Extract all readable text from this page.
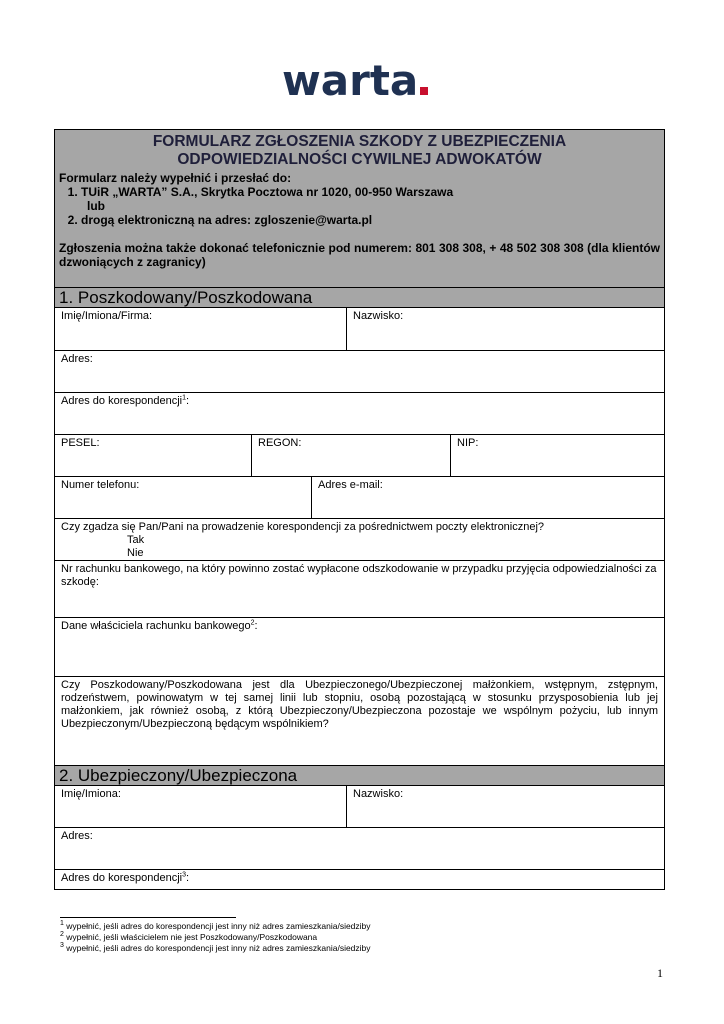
warta
FORMULARZ ZGŁOSZENIA SZKODY Z UBEZPIECZENIA
ODPOWIEDZIALNOŚCI CYWILNEJ ADWOKATÓW
Formularz należy wypełnić i przesłać do:
1. TUiR „WARTA” S.A., Skrytka Pocztowa nr 1020, 00-950 Warszawa
lub
2. drogą elektroniczną na adres: zgloszenie@warta.pl
Zgłoszenia można także dokonać telefonicznie pod numerem: 801 308 308, + 48 502 308 308 (dla klientów dzwoniących z zagranicy)
1. Poszkodowany/Poszkodowana
Imię/Imiona/Firma:	Nazwisko:
Adres:
Adres do korespondencji$^1$:
PESEL:	REGON:	NIP:
Numer telefonu:	Adres e-mail:
Czy zgadza się Pan/Pani na prowadzenie korespondencji za pośrednictwem poczty elektronicznej?
Tak
Nie
Nr rachunku bankowego, na który powinno zostać wypłacone odszkodowanie w przypadku przyjęcia odpowiedzialności za szkodę:
Dane właściciela rachunku bankowego$^2$:
Czy Poszkodowany/Poszkodowana jest dla Ubezpieczonego/Ubezpieczonej małżonkiem, wstępnym, zstępnym, rodzeństwem, powinowatym w tej samej linii lub stopniu, osobą pozostającą w stosunku przysposobienia lub jej małżonkiem, jak również osobą, z którą Ubezpieczony/Ubezpieczona pozostaje we wspólnym pożyciu, lub innym Ubezpieczonym/Ubezpieczoną będącym wspólnikiem?
2. Ubezpieczony/Ubezpieczona
Imię/Imiona:	Nazwisko:
Adres:
Adres do korespondencji$^3$:
$^1$ wypełnić, jeśli adres do korespondencji jest inny niż adres zamieszkania/siedziby
$^2$ wypełnić, jeśli właścicielem nie jest Poszkodowany/Poszkodowana
$^3$ wypełnić, jeśli adres do korespondencji jest inny niż adres zamieszkania/siedziby
1
